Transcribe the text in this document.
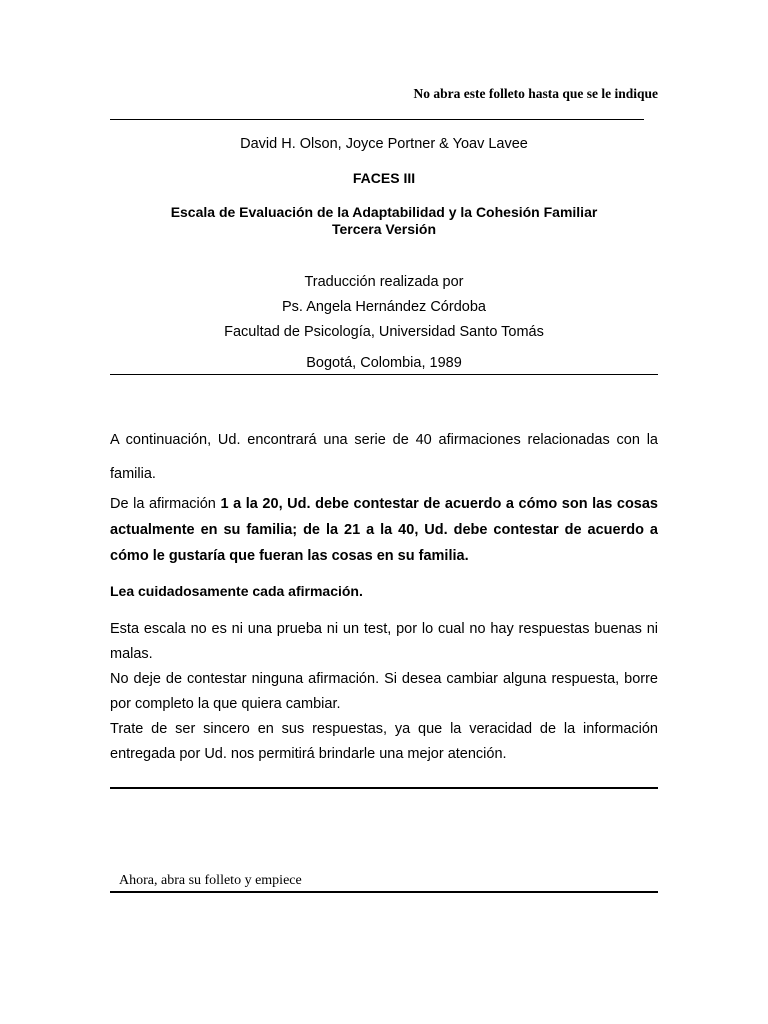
No abra este folleto hasta que se le indique
David H. Olson, Joyce Portner & Yoav Lavee
FACES III
Escala de Evaluación de la Adaptabilidad y la Cohesión Familiar
Tercera Versión
Traducción realizada por
Ps. Angela Hernández Córdoba
Facultad de Psicología, Universidad Santo Tomás
Bogotá, Colombia, 1989
A continuación, Ud. encontrará una serie de 40 afirmaciones relacionadas con la familia.
De la afirmación 1 a la 20, Ud. debe contestar de acuerdo a cómo son las cosas actualmente en su familia; de la 21 a la 40, Ud. debe contestar de acuerdo a cómo le gustaría que fueran las cosas en su familia.
Lea cuidadosamente cada afirmación.
Esta escala no es ni una prueba ni un test, por lo cual no hay respuestas buenas ni malas.
No deje de contestar ninguna afirmación. Si desea cambiar alguna respuesta, borre por completo la que quiera cambiar.
Trate de ser sincero en sus respuestas, ya que la veracidad de la información entregada por Ud. nos permitirá brindarle una mejor atención.
Ahora, abra su folleto y empiece
